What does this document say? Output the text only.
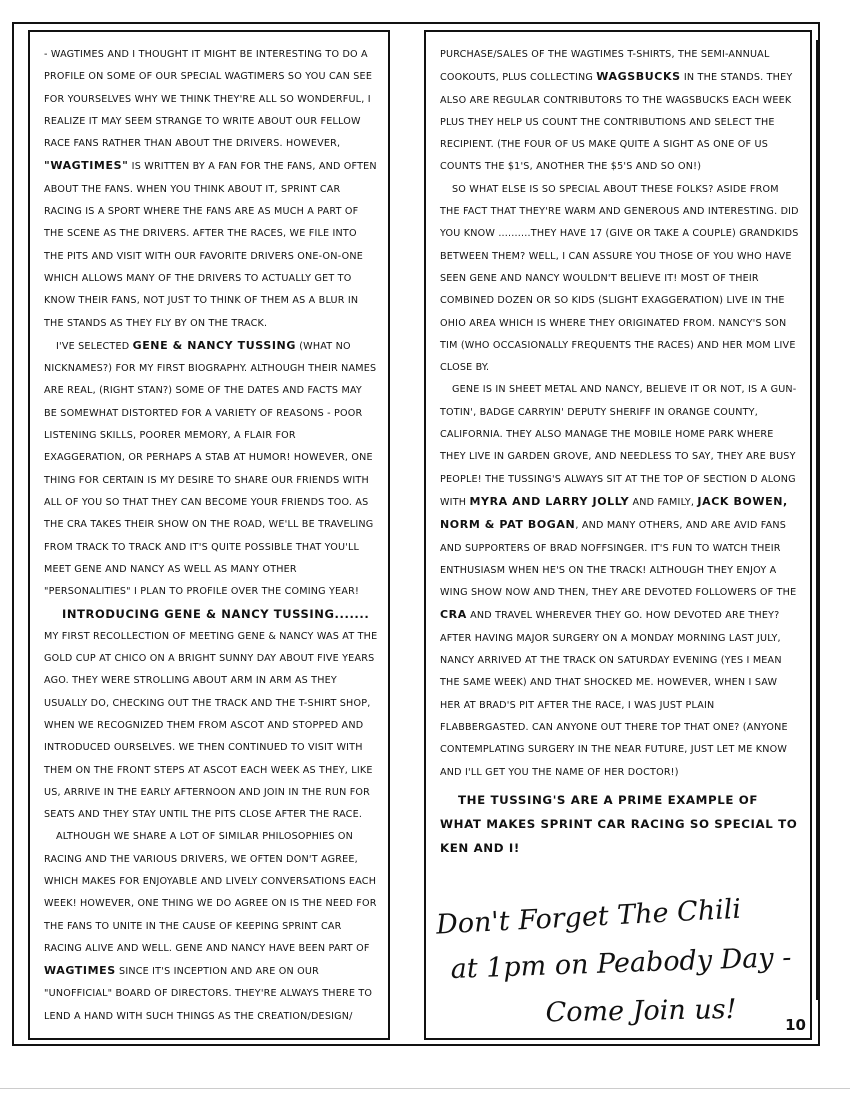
- WAGTIMES AND I THOUGHT IT MIGHT BE INTERESTING TO DO A PROFILE ON SOME OF OUR SPECIAL WAGTIMERS SO YOU CAN SEE FOR YOURSELVES WHY WE THINK THEY'RE ALL SO WONDERFUL, I REALIZE IT MAY SEEM STRANGE TO WRITE ABOUT OUR FELLOW RACE FANS RATHER THAN ABOUT THE DRIVERS. HOWEVER,
"WAGTIMES" IS WRITTEN BY A FAN FOR THE FANS, AND OFTEN ABOUT THE FANS. WHEN YOU THINK ABOUT IT, SPRINT CAR RACING IS A SPORT WHERE THE FANS ARE AS MUCH A PART OF THE SCENE AS THE DRIVERS. AFTER THE RACES, WE FILE INTO THE PITS AND VISIT WITH OUR FAVORITE DRIVERS ONE-ON-ONE WHICH ALLOWS MANY OF THE DRIVERS TO ACTUALLY GET TO KNOW THEIR FANS, NOT JUST TO THINK OF THEM AS A BLUR IN THE STANDS AS THEY FLY BY ON THE TRACK.

I'VE SELECTED GENE & NANCY TUSSING (WHAT NO NICKNAMES?) FOR MY FIRST BIOGRAPHY. ALTHOUGH THEIR NAMES ARE REAL, (RIGHT STAN?) SOME OF THE DATES AND FACTS MAY BE SOMEWHAT DISTORTED FOR A VARIETY OF REASONS - POOR LISTENING SKILLS, POORER MEMORY, A FLAIR FOR EXAGGERATION, OR PERHAPS A STAB AT HUMOR! HOWEVER, ONE THING FOR CERTAIN IS MY DESIRE TO SHARE OUR FRIENDS WITH ALL OF YOU SO THAT THEY CAN BECOME YOUR FRIENDS TOO. AS THE CRA TAKES THEIR SHOW ON THE ROAD, WE'LL BE TRAVELING FROM TRACK TO TRACK AND IT'S QUITE POSSIBLE THAT YOU'LL MEET GENE AND NANCY AS WELL AS MANY OTHER "PERSONALITIES" I PLAN TO PROFILE OVER THE COMING YEAR!

INTRODUCING GENE & NANCY TUSSING.......

MY FIRST RECOLLECTION OF MEETING GENE & NANCY WAS AT THE GOLD CUP AT CHICO ON A BRIGHT SUNNY DAY ABOUT FIVE YEARS AGO. THEY WERE STROLLING ABOUT ARM IN ARM AS THEY USUALLY DO, CHECKING OUT THE TRACK AND THE T-SHIRT SHOP, WHEN WE RECOGNIZED THEM FROM ASCOT AND STOPPED AND INTRODUCED OURSELVES. WE THEN CONTINUED TO VISIT WITH THEM ON THE FRONT STEPS AT ASCOT EACH WEEK AS THEY, LIKE US, ARRIVE IN THE EARLY AFTERNOON AND JOIN IN THE RUN FOR SEATS AND THEY STAY UNTIL THE PITS CLOSE AFTER THE RACE.

ALTHOUGH WE SHARE A LOT OF SIMILAR PHILOSOPHIES ON RACING AND THE VARIOUS DRIVERS, WE OFTEN DON'T AGREE, WHICH MAKES FOR ENJOYABLE AND LIVELY CONVERSATIONS EACH WEEK! HOWEVER, ONE THING WE DO AGREE ON IS THE NEED FOR THE FANS TO UNITE IN THE CAUSE OF KEEPING SPRINT CAR RACING ALIVE AND WELL. GENE AND NANCY HAVE BEEN PART OF WAGTIMES SINCE IT'S INCEPTION AND ARE ON OUR "UNOFFICIAL" BOARD OF DIRECTORS. THEY'RE ALWAYS THERE TO LEND A HAND WITH SUCH THINGS AS THE CREATION/DESIGN/

PURCHASE/SALES OF THE WAGTIMES T-SHIRTS, THE SEMI-ANNUAL COOKOUTS, PLUS COLLECTING WAGSBUCKS IN THE STANDS. THEY ALSO ARE REGULAR CONTRIBUTORS TO THE WAGSBUCKS EACH WEEK PLUS THEY HELP US COUNT THE CONTRIBUTIONS AND SELECT THE RECIPIENT. (THE FOUR OF US MAKE QUITE A SIGHT AS ONE OF US COUNTS THE $1'S, ANOTHER THE $5'S AND SO ON!)

SO WHAT ELSE IS SO SPECIAL ABOUT THESE FOLKS? ASIDE FROM THE FACT THAT THEY'RE WARM AND GENEROUS AND INTERESTING. DID YOU KNOW ..........THEY HAVE 17 (GIVE OR TAKE A COUPLE) GRANDKIDS BETWEEN THEM? WELL, I CAN ASSURE YOU THOSE OF YOU WHO HAVE SEEN GENE AND NANCY WOULDN'T BELIEVE IT! MOST OF THEIR COMBINED DOZEN OR SO KIDS (SLIGHT EXAGGERATION) LIVE IN THE OHIO AREA WHICH IS WHERE THEY ORIGINATED FROM. NANCY'S SON TIM (WHO OCCASIONALLY FREQUENTS THE RACES) AND HER MOM LIVE CLOSE BY.

GENE IS IN SHEET METAL AND NANCY, BELIEVE IT OR NOT, IS A GUN-TOTIN', BADGE CARRYIN' DEPUTY SHERIFF IN ORANGE COUNTY, CALIFORNIA. THEY ALSO MANAGE THE MOBILE HOME PARK WHERE THEY LIVE IN GARDEN GROVE, AND NEEDLESS TO SAY, THEY ARE BUSY PEOPLE! THE TUSSING'S ALWAYS SIT AT THE TOP OF SECTION D ALONG WITH MYRA AND LARRY JOLLY AND FAMILY, JACK BOWEN, NORM & PAT BOGAN, AND MANY OTHERS, AND ARE AVID FANS AND SUPPORTERS OF BRAD NOFFSINGER. IT'S FUN TO WATCH THEIR ENTHUSIASM WHEN HE'S ON THE TRACK! ALTHOUGH THEY ENJOY A WING SHOW NOW AND THEN, THEY ARE DEVOTED FOLLOWERS OF THE CRA AND TRAVEL WHEREVER THEY GO. HOW DEVOTED ARE THEY? AFTER HAVING MAJOR SURGERY ON A MONDAY MORNING LAST JULY, NANCY ARRIVED AT THE TRACK ON SATURDAY EVENING (YES I MEAN THE SAME WEEK) AND THAT SHOCKED ME. HOWEVER, WHEN I SAW HER AT BRAD'S PIT AFTER THE RACE, I WAS JUST PLAIN FLABBERGASTED. CAN ANYONE OUT THERE TOP THAT ONE? (ANYONE CONTEMPLATING SURGERY IN THE NEAR FUTURE, JUST LET ME KNOW AND I'LL GET YOU THE NAME OF HER DOCTOR!)

THE TUSSING'S ARE A PRIME EXAMPLE OF WHAT MAKES SPRINT CAR RACING SO SPECIAL TO KEN AND I!

Don't Forget The Chili
at 1pm on Peabody Day -
Come Join us!	10
